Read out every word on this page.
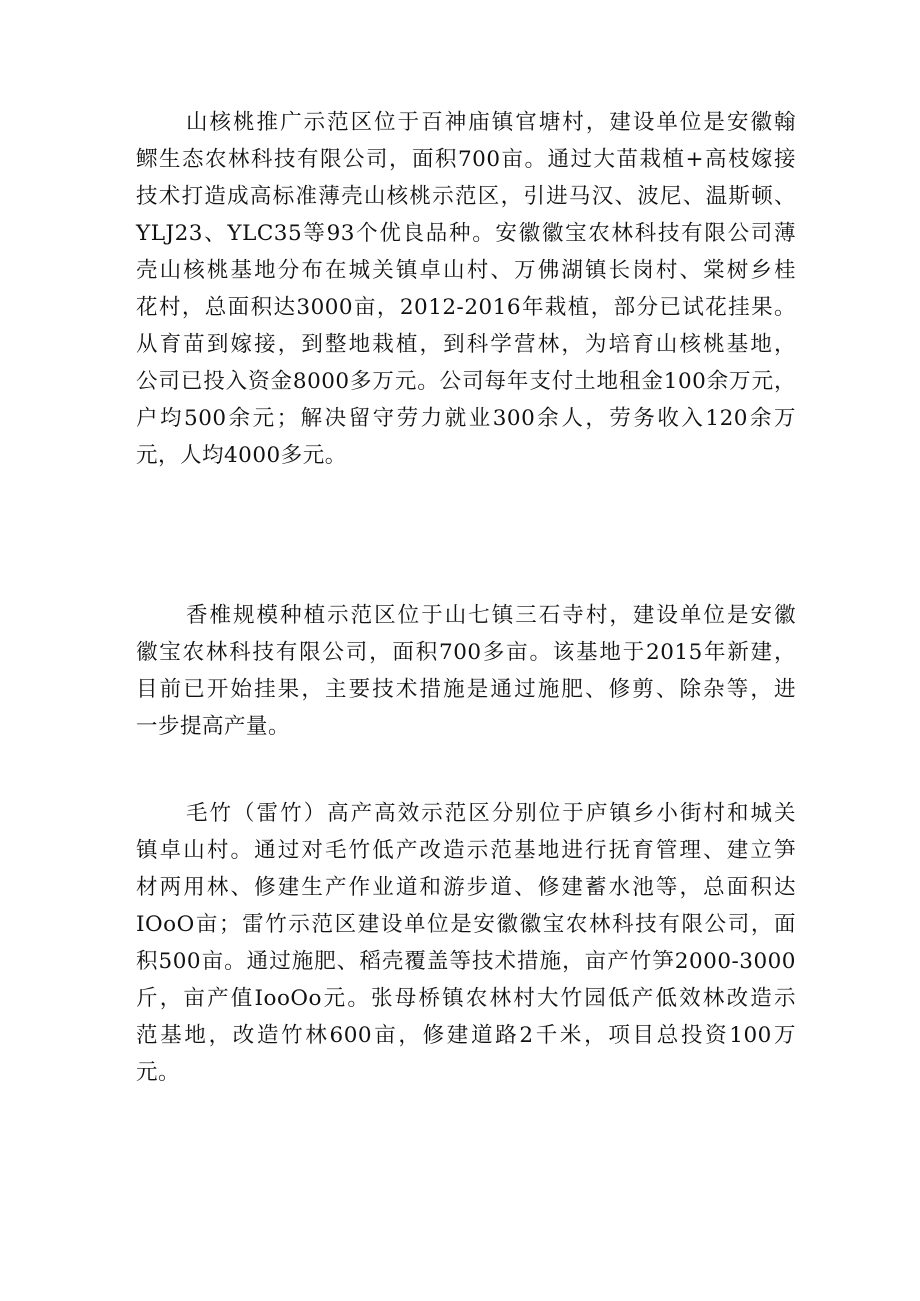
山核桃推广示范区位于百神庙镇官塘村，建设单位是安徽翰
鳏生态农林科技有限公司，面积700亩。通过大苗栽植+高枝嫁接
技术打造成高标准薄壳山核桃示范区，引进马汉、波尼、温斯顿、
YLJ23、YLC35等93个优良品种。安徽徽宝农林科技有限公司薄
壳山核桃基地分布在城关镇卓山村、万佛湖镇长岗村、棠树乡桂
花村，总面积达3000亩，2012-2016年栽植，部分已试花挂果。
从育苗到嫁接，到整地栽植，到科学营林，为培育山核桃基地，
公司已投入资金8000多万元。公司每年支付土地租金100余万元，
户均500余元；解决留守劳力就业300余人，劳务收入120余万
元，人均4000多元。

香椎规模种植示范区位于山七镇三石寺村，建设单位是安徽
徽宝农林科技有限公司，面积700多亩。该基地于2015年新建，
目前已开始挂果，主要技术措施是通过施肥、修剪、除杂等，进
一步提高产量。

毛竹（雷竹）高产高效示范区分别位于庐镇乡小街村和城关
镇卓山村。通过对毛竹低产改造示范基地进行抚育管理、建立笋
材两用林、修建生产作业道和游步道、修建蓄水池等，总面积达
IOoO亩；雷竹示范区建设单位是安徽徽宝农林科技有限公司，面
积500亩。通过施肥、稻壳覆盖等技术措施，亩产竹笋2000-3000
斤，亩产值IooOo元。张母桥镇农林村大竹园低产低效林改造示
范基地，改造竹林600亩，修建道路2千米，项目总投资100万
元。
